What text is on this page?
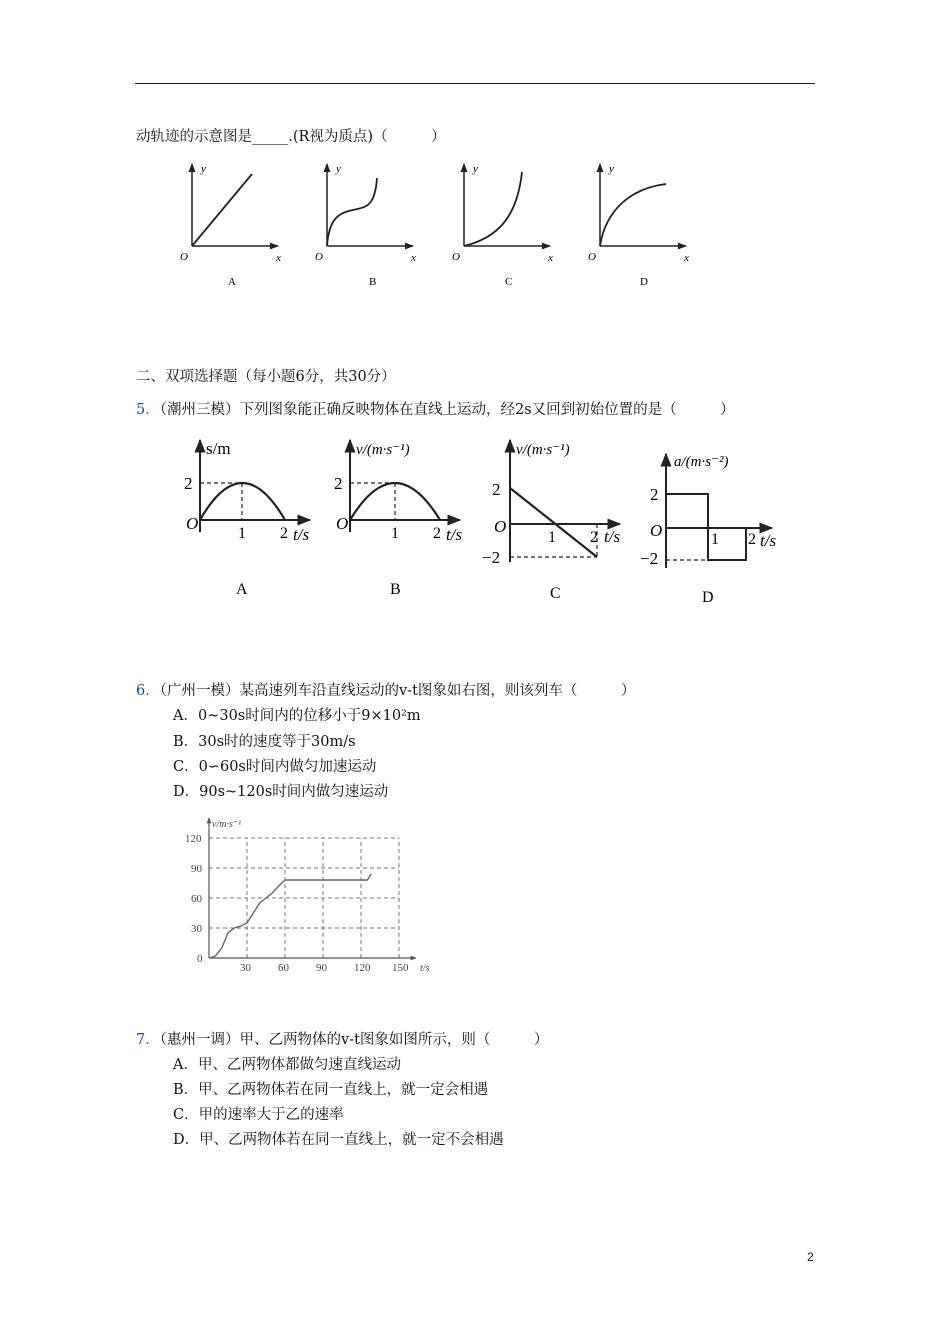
动轨迹的示意图是_____.(R视为质点)（　　　）
y
O	x
A
y
O	x
B
y
O	x
C
y
O	x
D
二、双项选择题（每小题6分，共30分）
5．（潮州三模）下列图象能正确反映物体在直线上运动，经2s又回到初始位置的是（　　　）
s/m
2
O
1 2 t/s
A
v/(m·s⁻¹)
2
O
1 2 t/s
B
v/(m·s⁻¹)
2
−2
O
1 2 t/s
C
a/(m·s⁻²)
2
−2
O	1 2 t/s
D
6．（广州一模）某高速列车沿直线运动的v-t图象如右图，则该列车（　　　）
A．0~30s时间内的位移小于9×10²m
B．30s时的速度等于30m/s
C．0∽60s时间内做匀加速运动
D．90s~120s时间内做匀速运动
v/m·s⁻¹
t/s
30 60 90 120 150
0
30
60
90
120
7．（惠州一调）甲、乙两物体的v-t图象如图所示，则（　　　）
A．甲、乙两物体都做匀速直线运动
B．甲、乙两物体若在同一直线上，就一定会相遇
C．甲的速率大于乙的速率
D．甲、乙两物体若在同一直线上，就一定不会相遇
2
